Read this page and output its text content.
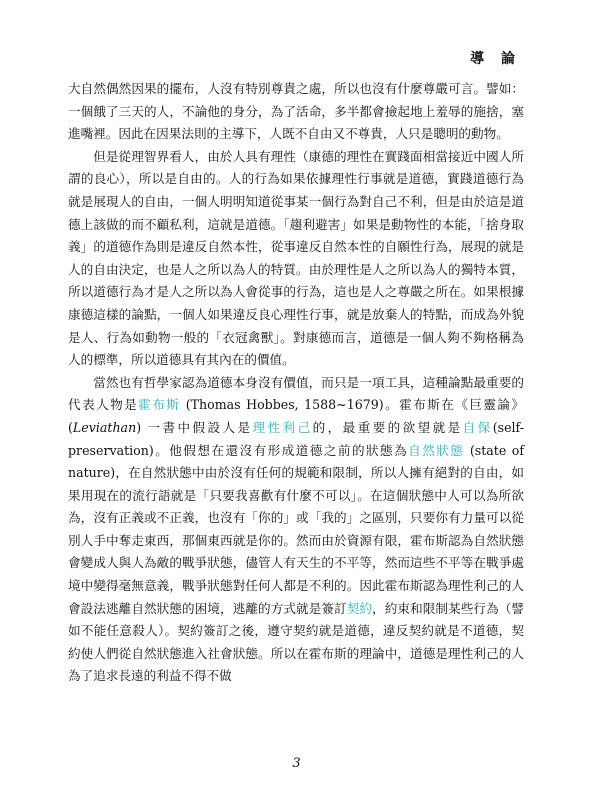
導 論

大自然偶然因果的擺布，人沒有特別尊貴之處，所以也沒有什麼尊嚴可言。譬如：一個餓了三天的人，不論他的身分，為了活命，多半都會撿起地上羞辱的施捨，塞進嘴裡。因此在因果法則的主導下，人既不自由又不尊貴，人只是聰明的動物。

但是從理智界看人，由於人具有理性（康德的理性在實踐面相當接近中國人所謂的良心），所以是自由的。人的行為如果依據理性行事就是道德，實踐道德行為就是展現人的自由，一個人明明知道從事某一個行為對自己不利，但是由於這是道德上該做的而不顧私利，這就是道德。「趨利避害」如果是動物性的本能，「捨身取義」的道德作為則是違反自然本性，從事違反自然本性的自願性行為，展現的就是人的自由決定，也是人之所以為人的特質。由於理性是人之所以為人的獨特本質，所以道德行為才是人之所以為人會從事的行為，這也是人之尊嚴之所在。如果根據康德這樣的論點，一個人如果違反良心理性行事，就是放棄人的特點，而成為外貌是人、行為如動物一般的「衣冠禽獸」。對康德而言，道德是一個人夠不夠格稱為人的標準，所以道德具有其內在的價值。

當然也有哲學家認為道德本身沒有價值，而只是一項工具，這種論點最重要的代表人物是霍布斯 (Thomas Hobbes, 1588~1679)。霍布斯在《巨靈論》(Leviathan) 一書中假設人是理性利己的，最重要的欲望就是自保(self-preservation)。他假想在還沒有形成道德之前的狀態為自然狀態 (state of nature)，在自然狀態中由於沒有任何的規範和限制，所以人擁有絕對的自由，如果用現在的流行語就是「只要我喜歡有什麼不可以」。在這個狀態中人可以為所欲為，沒有正義或不正義，也沒有「你的」或「我的」之區別，只要你有力量可以從別人手中奪走東西，那個東西就是你的。然而由於資源有限，霍布斯認為自然狀態會變成人與人為敵的戰爭狀態，儘管人有天生的不平等，然而這些不平等在戰爭處境中變得毫無意義，戰爭狀態對任何人都是不利的。因此霍布斯認為理性利己的人會設法逃離自然狀態的困境，逃離的方式就是簽訂契約，約束和限制某些行為（譬如不能任意殺人）。契約簽訂之後，遵守契約就是道德，違反契約就是不道德，契約使人們從自然狀態進入社會狀態。所以在霍布斯的理論中，道德是理性利己的人為了追求長遠的利益不得不做

3
